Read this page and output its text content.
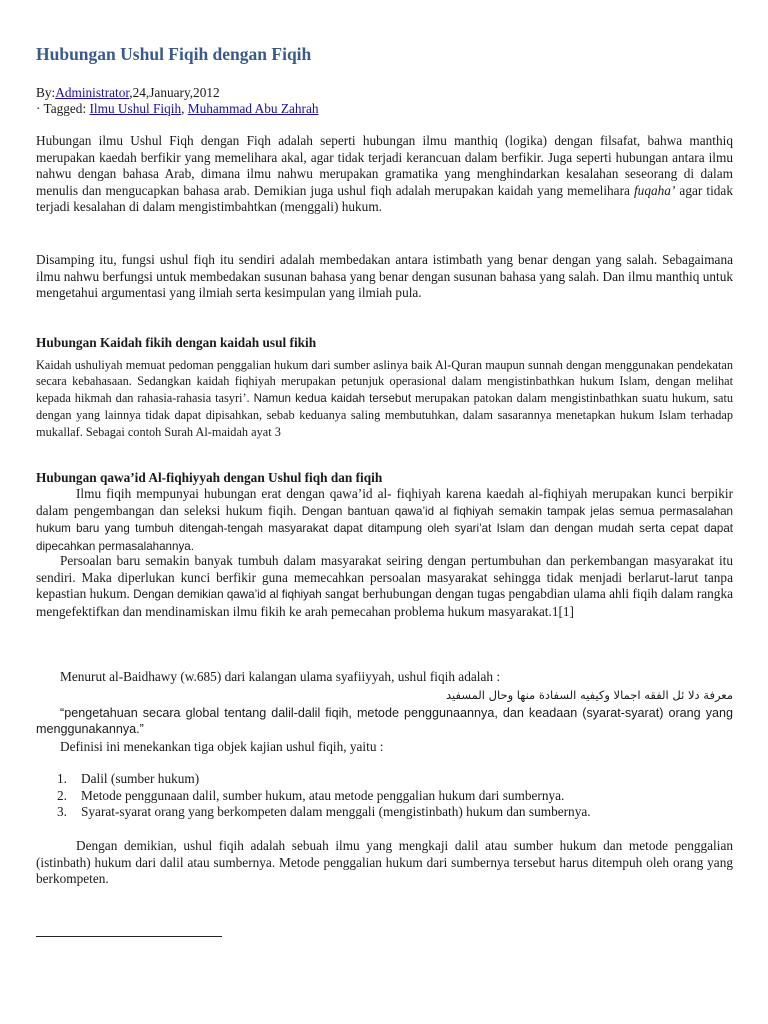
Hubungan Ushul Fiqih dengan Fiqih
By:Administrator,24,January,2012
· Tagged: Ilmu Ushul Fiqih, Muhammad Abu Zahrah

Hubungan ilmu Ushul Fiqh dengan Fiqh adalah seperti hubungan ilmu manthiq (logika) dengan filsafat, bahwa manthiq merupakan kaedah berfikir yang memelihara akal, agar tidak terjadi kerancuan dalam berfikir. Juga seperti hubungan antara ilmu nahwu dengan bahasa Arab, dimana ilmu nahwu merupakan gramatika yang menghindarkan kesalahan seseorang di dalam menulis dan mengucapkan bahasa arab. Demikian juga ushul fiqh adalah merupakan kaidah yang memelihara fuqaha’ agar tidak terjadi kesalahan di dalam mengistimbahtkan (menggali) hukum.

Disamping itu, fungsi ushul fiqh itu sendiri adalah membedakan antara istimbath yang benar dengan yang salah. Sebagaimana ilmu nahwu berfungsi untuk membedakan susunan bahasa yang benar dengan susunan bahasa yang salah. Dan ilmu manthiq untuk mengetahui argumentasi yang ilmiah serta kesimpulan yang ilmiah pula.

Hubungan Kaidah fikih dengan kaidah usul fikih

Kaidah ushuliyah memuat pedoman penggalian hukum dari sumber aslinya baik Al-Quran maupun sunnah dengan menggunakan pendekatan secara kebahasaan. Sedangkan kaidah fiqhiyah merupakan petunjuk operasional dalam mengistinbathkan hukum Islam, dengan melihat kepada hikmah dan rahasia-rahasia tasyri’. Namun kedua kaidah tersebut merupakan patokan dalam mengistinbathkan suatu hukum, satu dengan yang lainnya tidak dapat dipisahkan, sebab keduanya saling membutuhkan, dalam sasarannya menetapkan hukum Islam terhadap mukallaf. Sebagai contoh Surah Al-maidah ayat 3

Hubungan qawa’id Al-fiqhiyyah dengan Ushul fiqh dan fiqih

Ilmu fiqih mempunyai hubungan erat dengan qawa’id al- fiqhiyah karena kaedah al-fiqhiyah merupakan kunci berpikir dalam pengembangan dan seleksi hukum fiqih. Dengan bantuan qawa’id al fiqhiyah semakin tampak jelas semua permasalahan hukum baru yang tumbuh ditengah-tengah masyarakat dapat ditampung oleh syari’at Islam dan dengan mudah serta cepat dapat dipecahkan permasalahannya.

Persoalan baru semakin banyak tumbuh dalam masyarakat seiring dengan pertumbuhan dan perkembangan masyarakat itu sendiri. Maka diperlukan kunci berfikir guna memecahkan persoalan masyarakat sehingga tidak menjadi berlarut-larut tanpa kepastian hukum. Dengan demikian qawa’id al fiqhiyah sangat berhubungan dengan tugas pengabdian ulama ahli fiqih dalam rangka mengefektifkan dan mendinamiskan ilmu fikih ke arah pemecahan problema hukum masyarakat.1[1]

Menurut al-Baidhawy (w.685) dari kalangan ulama syafiiyyah, ushul fiqih adalah :

معرفة دلا ئل الفقه اجمالا وكيفيه السفادة منها وحال المسفيد

“pengetahuan secara global tentang dalil-dalil fiqih, metode penggunaannya, dan keadaan (syarat-syarat) orang yang menggunakannya.”

Definisi ini menekankan tiga objek kajian ushul fiqih, yaitu :

1. Dalil (sumber hukum)
2. Metode penggunaan dalil, sumber hukum, atau metode penggalian hukum dari sumbernya.
3. Syarat-syarat orang yang berkompeten dalam menggali (mengistinbath) hukum dan sumbernya.

Dengan demikian, ushul fiqih adalah sebuah ilmu yang mengkaji dalil atau sumber hukum dan metode penggalian (istinbath) hukum dari dalil atau sumbernya. Metode penggalian hukum dari sumbernya tersebut harus ditempuh oleh orang yang berkompeten.
